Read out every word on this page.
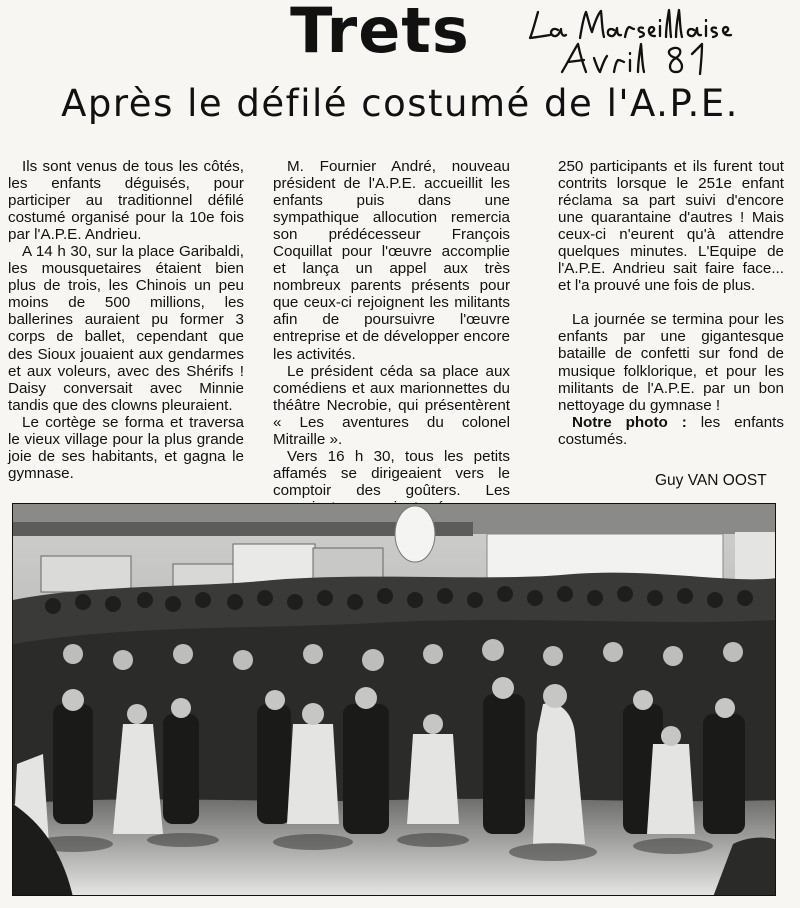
Trets
Après le défilé costumé de l'A.P.E.

Ils sont venus de tous les côtés, les enfants déguisés, pour participer au traditionnel défilé costumé organisé pour la 10e fois par l'A.P.E. Andrieu.

A 14 h 30, sur la place Garibaldi, les mousquetaires étaient bien plus de trois, les Chinois un peu moins de 500 millions, les ballerines auraient pu former 3 corps de ballet, cependant que des Sioux jouaient aux gendarmes et aux voleurs, avec des Shérifs ! Daisy conversait avec Minnie tandis que des clowns pleuraient.

Le cortège se forma et traversa le vieux village pour la plus grande joie de ses habitants, et gagna le gymnase.

M. Fournier André, nouveau président de l'A.P.E. accueillit les enfants puis dans une sympathique allocution remercia son prédécesseur François Coquillat pour l'œuvre accomplie et lança un appel aux très nombreux parents présents pour que ceux-ci rejoignent les militants afin de poursuivre l'œuvre entreprise et de développer encore les activités.

Le président céda sa place aux comédiens et aux marionnettes du théâtre Necrobie, qui présentèrent « Les aventures du colonel Mitraille ».

Vers 16 h 30, tous les petits affamés se dirigeaient vers le comptoir des goûters. Les

250 participants et ils furent tout contrits lorsque le 251e enfant réclama sa part suivi d'encore une quarantaine d'autres ! Mais ceux-ci n'eurent qu'à attendre quelques minutes. L'Equipe de l'A.P.E. Andrieu sait faire face... et l'a prouvé une fois de plus.

La journée se termina pour les enfants par une gigantesque bataille de confetti sur fond de musique folklorique, et pour les militants de l'A.P.E. par un bon nettoyage du gymnase !

Notre photo : les enfants costumés.

Guy VAN OOST
